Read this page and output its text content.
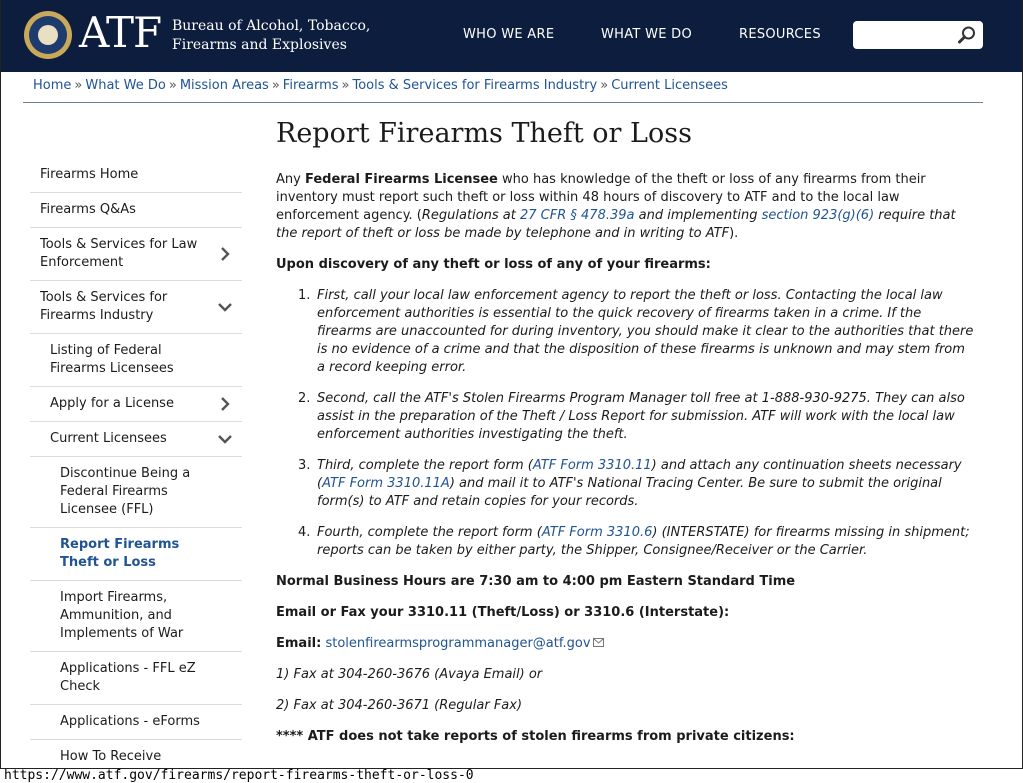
ATF Bureau of Alcohol, Tobacco,
Firearms and Explosives
WHO WE ARE	WHAT WE DO	RESOURCES
Home » What We Do » Mission Areas » Firearms » Tools & Services for Firearms Industry » Current Licensees
Firearms Home
Firearms Q&As
Tools & Services for Law Enforcement
Tools & Services for Firearms Industry
Listing of Federal Firearms Licensees
Apply for a License
Current Licensees
Discontinue Being a Federal Firearms Licensee (FFL)
Report Firearms Theft or Loss
Import Firearms, Ammunition, and Implements of War
Applications - FFL eZ Check
Applications - eForms
How To Receive
Report Firearms Theft or Loss

Any Federal Firearms Licensee who has knowledge of the theft or loss of any firearms from their inventory must report such theft or loss within 48 hours of discovery to ATF and to the local law enforcement agency. (Regulations at 27 CFR § 478.39a and implementing section 923(g)(6) require that the report of theft or loss be made by telephone and in writing to ATF).

Upon discovery of any theft or loss of any of your firearms:

1. First, call your local law enforcement agency to report the theft or loss. Contacting the local law enforcement authorities is essential to the quick recovery of firearms taken in a crime. If the firearms are unaccounted for during inventory, you should make it clear to the authorities that there is no evidence of a crime and that the disposition of these firearms is unknown and may stem from a record keeping error.
2. Second, call the ATF's Stolen Firearms Program Manager toll free at 1-888-930-9275. They can also assist in the preparation of the Theft / Loss Report for submission. ATF will work with the local law enforcement authorities investigating the theft.
3. Third, complete the report form (ATF Form 3310.11) and attach any continuation sheets necessary (ATF Form 3310.11A) and mail it to ATF's National Tracing Center. Be sure to submit the original form(s) to ATF and retain copies for your records.
4. Fourth, complete the report form (ATF Form 3310.6) (INTERSTATE) for firearms missing in shipment; reports can be taken by either party, the Shipper, Consignee/Receiver or the Carrier.

Normal Business Hours are 7:30 am to 4:00 pm Eastern Standard Time

Email or Fax your 3310.11 (Theft/Loss) or 3310.6 (Interstate):

Email: stolenfirearmsprogrammanager@atf.gov

1) Fax at 304-260-3676 (Avaya Email) or

2) Fax at 304-260-3671 (Regular Fax)

**** ATF does not take reports of stolen firearms from private citizens:

https://www.atf.gov/firearms/report-firearms-theft-or-loss-0
